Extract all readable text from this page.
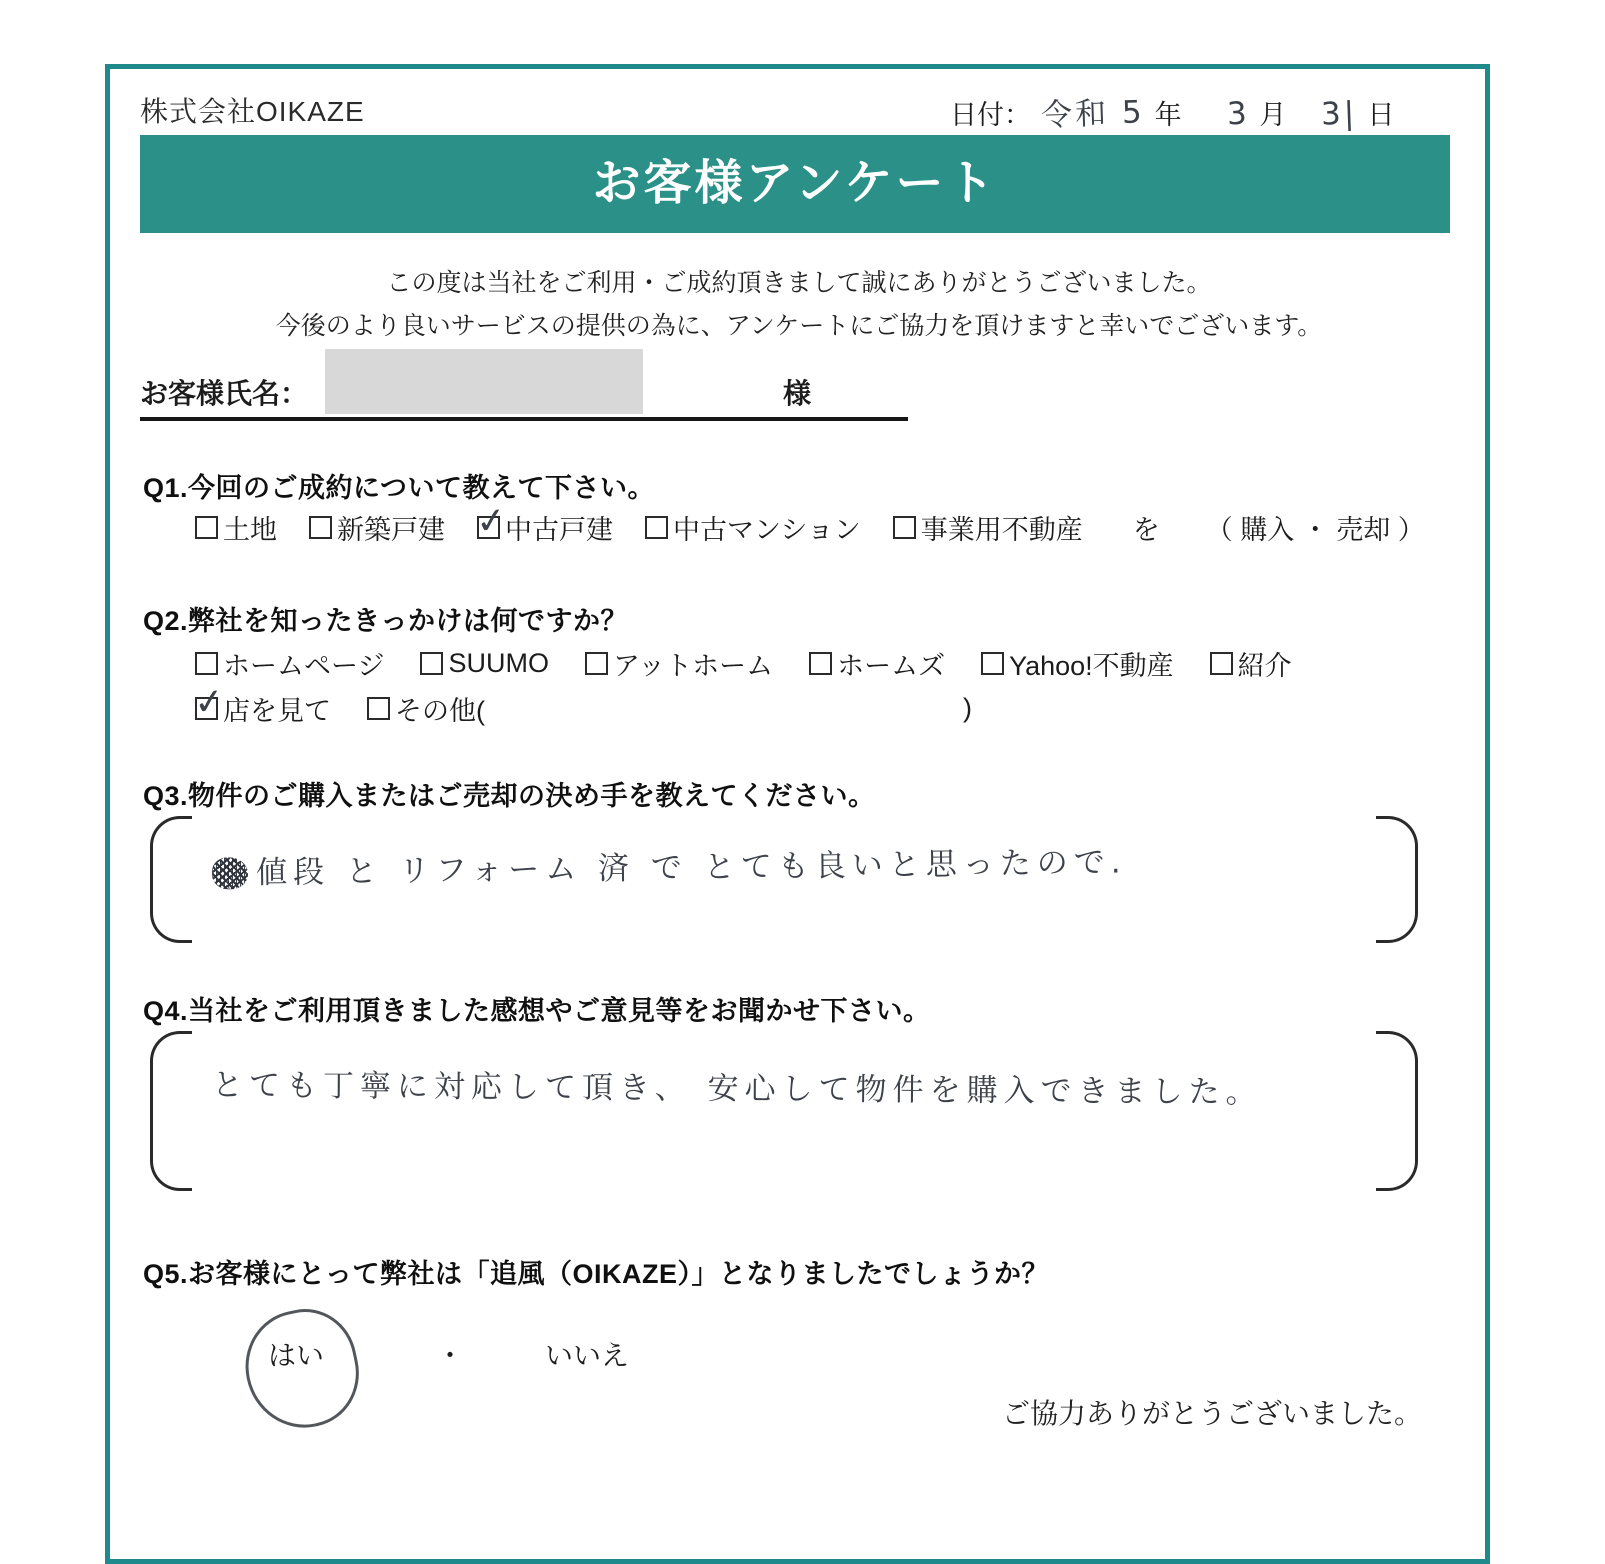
株式会社OIKAZE	日付： 令和 5 年 3 月 3| 日
お客様アンケート
この度は当社をご利用・ご成約頂きまして誠にありがとうございました。
今後のより良いサービスの提供の為に、アンケートにご協力を頂けますと幸いでございます。
お客様氏名：	様
Q1.今回のご成約について教えて下さい。
土地 新築戸建 ✓ 中古戸建 中古マンション 事業用不動産 を （ 購入 ・ 売却 ）
Q2.弊社を知ったきっかけは何ですか？
ホームページ SUUMO アットホーム ホームズ Yahoo!不動産 紹介
✓
店を見て その他(	)
Q3.物件のご購入またはご売却の決め手を教えてください。
値段 と リフォーム 済 で とても良いと思ったので.
Q4.当社をご利用頂きました感想やご意見等をお聞かせ下さい。
とても丁寧に対応して頂き、 安心して物件を購入できました。
Q5.お客様にとって弊社は「追風（OIKAZE）」となりましたでしょうか？
はい	・	いいえ
ご協力ありがとうございました。
